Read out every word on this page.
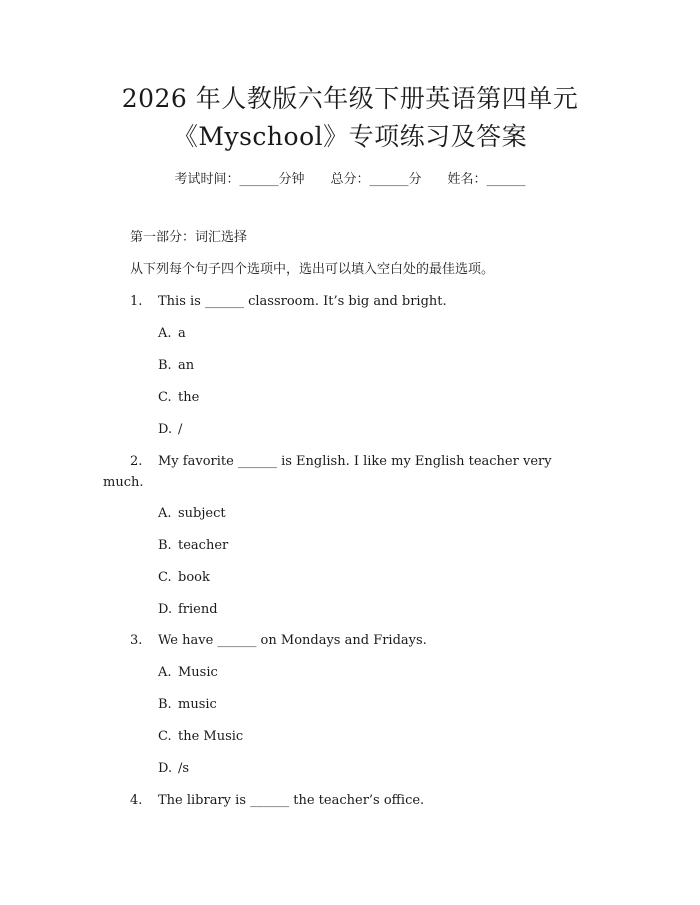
2026 年人教版六年级下册英语第四单元
《Myschool》专项练习及答案
考试时间：______分钟 总分：______分 姓名：______
第一部分：词汇选择
从下列每个句子四个选项中，选出可以填入空白处的最佳选项。
1. This is ______ classroom. It’s big and bright.
A. a
B. an
C. the
D. /
2. My favorite ______ is English. I like my English teacher very
much.
A. subject
B. teacher
C. book
D. friend
3. We have ______ on Mondays and Fridays.
A. Music
B. music
C. the Music
D. /s
4. The library is ______ the teacher’s office.
